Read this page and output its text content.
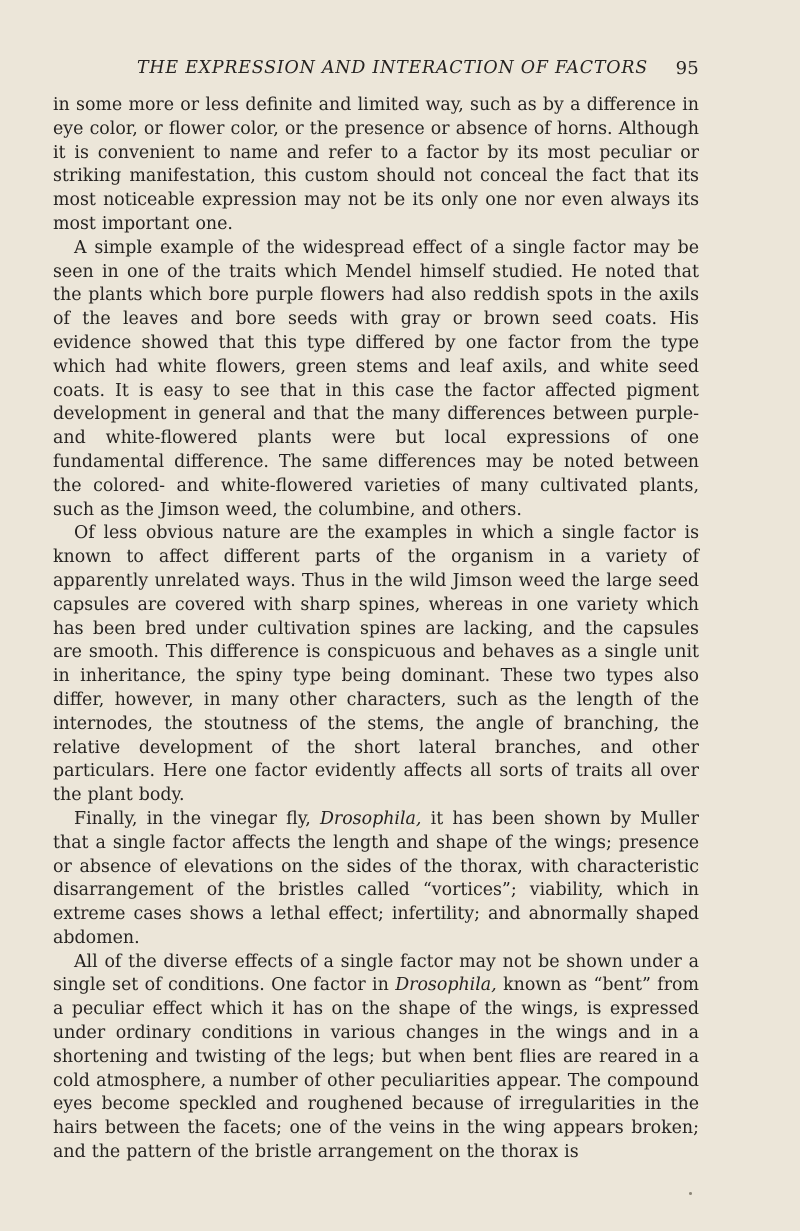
THE EXPRESSION AND INTERACTION OF FACTORS 95

in some more or less definite and limited way, such as by a difference in eye color, or flower color, or the presence or absence of horns. Although it is convenient to name and refer to a factor by its most peculiar or striking manifestation, this custom should not conceal the fact that its most noticeable expression may not be its only one nor even always its most important one.

A simple example of the widespread effect of a single factor may be seen in one of the traits which Mendel himself studied. He noted that the plants which bore purple flowers had also reddish spots in the axils of the leaves and bore seeds with gray or brown seed coats. His evidence showed that this type differed by one factor from the type which had white flowers, green stems and leaf axils, and white seed coats. It is easy to see that in this case the factor affected pigment development in general and that the many differences between purple- and white-flowered plants were but local expressions of one fundamental difference. The same differences may be noted between the colored- and white-flowered varieties of many cultivated plants, such as the Jimson weed, the columbine, and others.

Of less obvious nature are the examples in which a single factor is known to affect different parts of the organism in a variety of apparently unrelated ways. Thus in the wild Jimson weed the large seed capsules are covered with sharp spines, whereas in one variety which has been bred under cultivation spines are lacking, and the capsules are smooth. This difference is conspicuous and behaves as a single unit in inheritance, the spiny type being dominant. These two types also differ, however, in many other characters, such as the length of the internodes, the stoutness of the stems, the angle of branching, the relative development of the short lateral branches, and other particulars. Here one factor evidently affects all sorts of traits all over the plant body.

Finally, in the vinegar fly, Drosophila, it has been shown by Muller that a single factor affects the length and shape of the wings; presence or absence of elevations on the sides of the thorax, with characteristic disarrangement of the bristles called “vortices”; viability, which in extreme cases shows a lethal effect; infertility; and abnormally shaped abdomen.

All of the diverse effects of a single factor may not be shown under a single set of conditions. One factor in Drosophila, known as “bent” from a peculiar effect which it has on the shape of the wings, is expressed under ordinary conditions in various changes in the wings and in a shortening and twisting of the legs; but when bent flies are reared in a cold atmosphere, a number of other peculiarities appear. The compound eyes become speckled and roughened because of irregularities in the hairs between the facets; one of the veins in the wing appears broken; and the pattern of the bristle arrangement on the thorax is
